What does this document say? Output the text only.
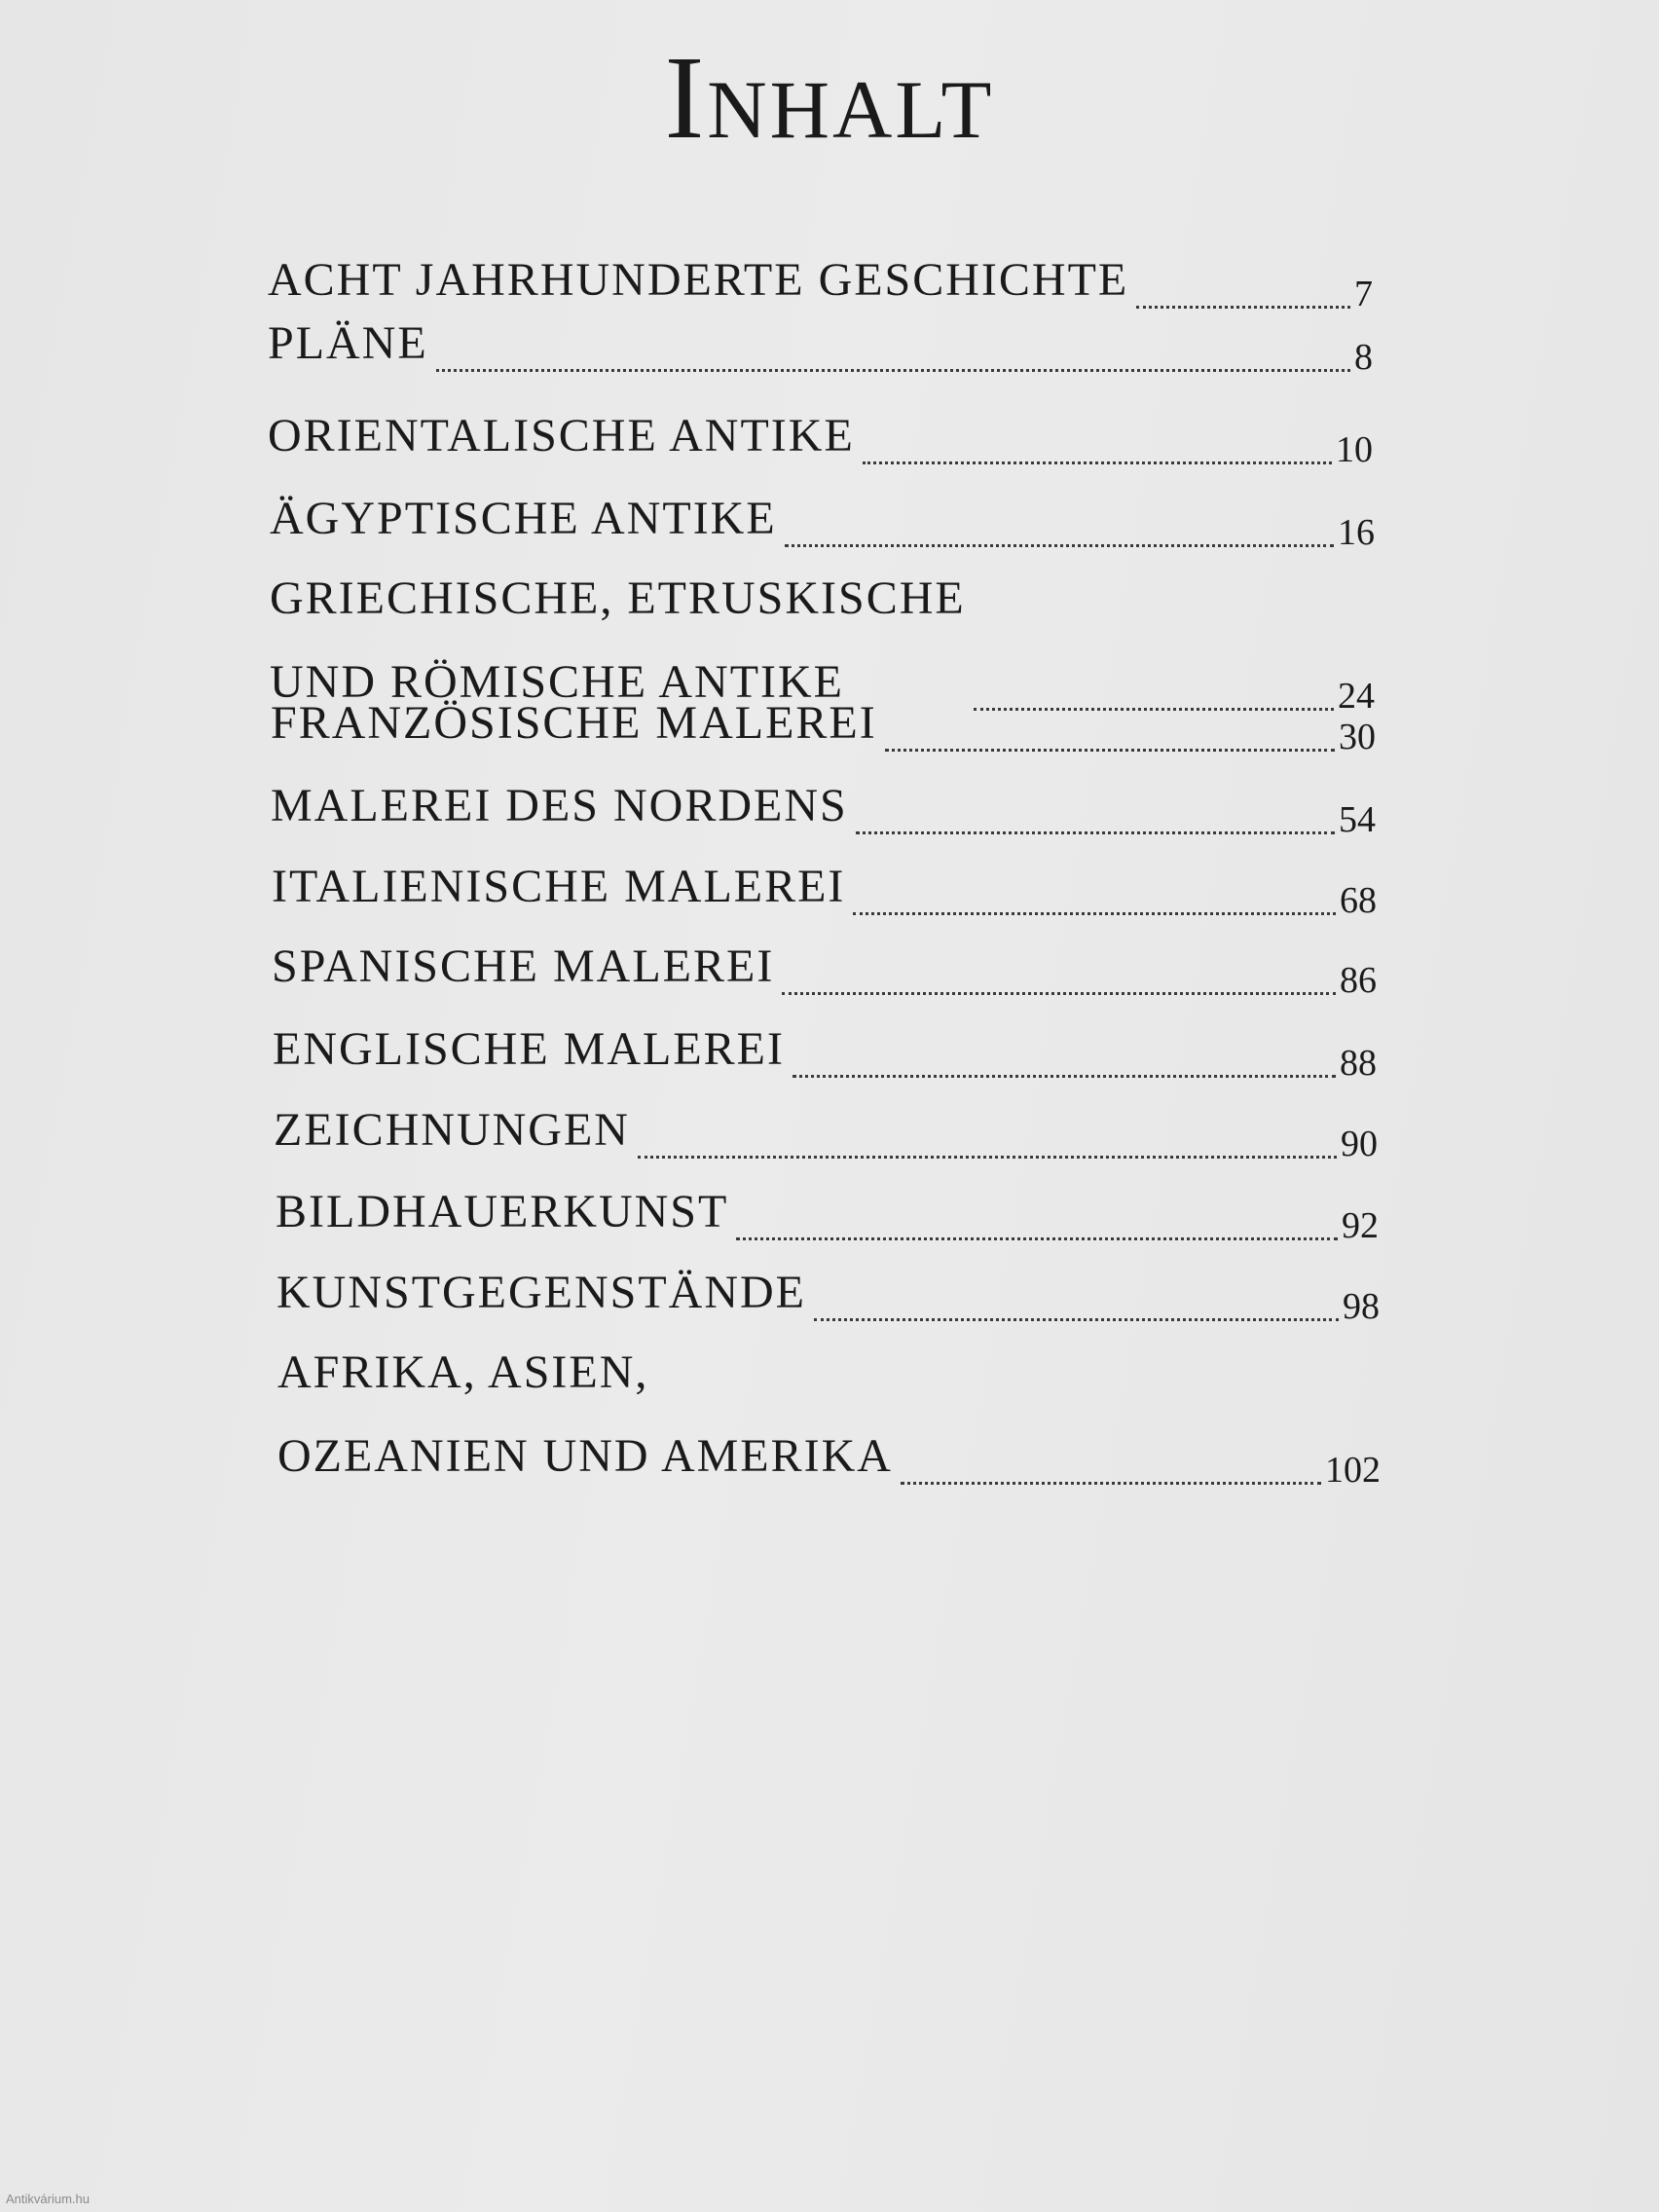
Inhalt
ACHT JAHRHUNDERTE GESCHICHTE	7
PLÄNE	8
ORIENTALISCHE ANTIKE	10
ÄGYPTISCHE ANTIKE	16
GRIECHISCHE, ETRUSKISCHE
UND RÖMISCHE ANTIKE	24
FRANZÖSISCHE MALEREI	30
MALEREI DES NORDENS	54
ITALIENISCHE MALEREI	68
SPANISCHE MALEREI	86
ENGLISCHE MALEREI	88
ZEICHNUNGEN	90
BILDHAUERKUNST	92
KUNSTGEGENSTÄNDE	98
AFRIKA, ASIEN,
OZEANIEN UND AMERIKA	102
Antikvárium.hu
